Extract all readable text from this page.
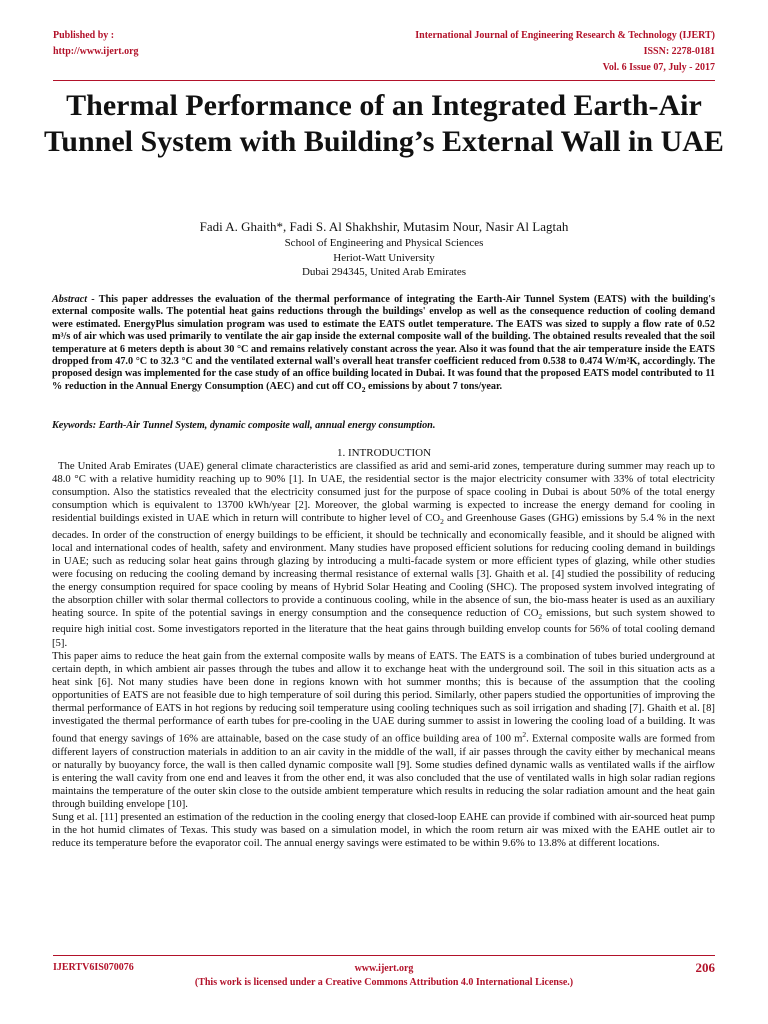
Published by :
http://www.ijert.org
International Journal of Engineering Research & Technology (IJERT)
ISSN: 2278-0181
Vol. 6 Issue 07, July - 2017
Thermal Performance of an Integrated Earth-Air Tunnel System with Building’s External Wall in UAE
Fadi A. Ghaith*, Fadi S. Al Shakhshir, Mutasim Nour, Nasir Al Lagtah
School of Engineering and Physical Sciences
Heriot-Watt University
Dubai 294345, United Arab Emirates
Abstract - This paper addresses the evaluation of the thermal performance of integrating the Earth-Air Tunnel System (EATS) with the building's external composite walls. The potential heat gains reductions through the buildings' envelop as well as the consequence reduction of cooling demand were estimated. EnergyPlus simulation program was used to estimate the EATS outlet temperature. The EATS was sized to supply a flow rate of 0.52 m³/s of air which was used primarily to ventilate the air gap inside the external composite wall of the building. The obtained results revealed that the soil temperature at 6 meters depth is about 30 °C and remains relatively constant across the year. Also it was found that the air temperature inside the EATS dropped from 47.0 °C to 32.3 °C and the ventilated external wall's overall heat transfer coefficient reduced from 0.538 to 0.474 W/m²K, accordingly. The proposed design was implemented for the case study of an office building located in Dubai. It was found that the proposed EATS model contributed to 11 % reduction in the Annual Energy Consumption (AEC) and cut off $CO_2$ emissions by about 7 tons/year.
Keywords: Earth-Air Tunnel System, dynamic composite wall, annual energy consumption.
1. INTRODUCTION

The United Arab Emirates (UAE) general climate characteristics are classified as arid and semi-arid zones, temperature during summer may reach up to 48.0 °C with a relative humidity reaching up to 90% [1]. In UAE, the residential sector is the major electricity consumer with 33% of total electricity consumption. Also the statistics revealed that the electricity consumed just for the purpose of space cooling in Dubai is about 50% of the total energy consumption which is equivalent to 13700 kWh/year [2]. Moreover, the global warming is expected to increase the energy demand for cooling in residential buildings existed in UAE which in return will contribute to higher level of $CO_2$ and Greenhouse Gases (GHG) emissions by 5.4 % in the next decades. In order of the construction of energy buildings to be efficient, it should be technically and economically feasible, and it should be aligned with local and international codes of health, safety and environment. Many studies have proposed efficient solutions for reducing cooling demand in buildings in UAE; such as reducing solar heat gains through glazing by introducing a multi-facade system or more efficient types of glazing, while other studies were focusing on reducing the cooling demand by increasing thermal resistance of external walls [3]. Ghaith et al. [4] studied the possibility of reducing the energy consumption required for space cooling by means of Hybrid Solar Heating and Cooling (SHC). The proposed system involved integrating of the absorption chiller with solar thermal collectors to provide a continuous cooling, while in the absence of sun, the bio-mass heater is used as an auxiliary heating source. In spite of the potential savings in energy consumption and the consequence reduction of $CO_2$ emissions, but such system showed to require high initial cost. Some investigators reported in the literature that the heat gains through building envelop counts for 56% of total cooling demand [5].

This paper aims to reduce the heat gain from the external composite walls by means of EATS. The EATS is a combination of tubes buried underground at certain depth, in which ambient air passes through the tubes and allow it to exchange heat with the underground soil. The soil in this situation acts as a heat sink [6]. Not many studies have been done in regions known with hot summer months; this is because of the assumption that the cooling opportunities of EATS are not feasible due to high temperature of soil during this period. Similarly, other papers studied the opportunities of improving the thermal performance of EATS in hot regions by reducing soil temperature using cooling techniques such as soil irrigation and shading [7]. Ghaith et al. [8] investigated the thermal performance of earth tubes for pre-cooling in the UAE during summer to assist in lowering the cooling load of a building. It was found that energy savings of 16% are attainable, based on the case study of an office building area of 100 $m^2$. External composite walls are formed from different layers of construction materials in addition to an air cavity in the middle of the wall, if air passes through the cavity either by mechanical means or naturally by buoyancy force, the wall is then called dynamic composite wall [9]. Some studies defined dynamic walls as ventilated walls if the airflow is entering the wall cavity from one end and leaves it from the other end, it was also concluded that the use of ventilated walls in high solar radian regions maintains the temperature of the outer skin close to the outside ambient temperature which results in reducing the solar radiation amount and the heat gain through building envelope [10].

Sung et al. [11] presented an estimation of the reduction in the cooling energy that closed-loop EAHE can provide if combined with air-sourced heat pump in the hot humid climates of Texas. This study was based on a simulation model, in which the room return air was mixed with the EAHE outlet air to reduce its temperature before the evaporator coil. The annual energy savings were estimated to be within 9.6% to 13.8% at different locations.

IJERTV6IS070076	www.ijert.org
(This work is licensed under a Creative Commons Attribution 4.0 International License.)
206
